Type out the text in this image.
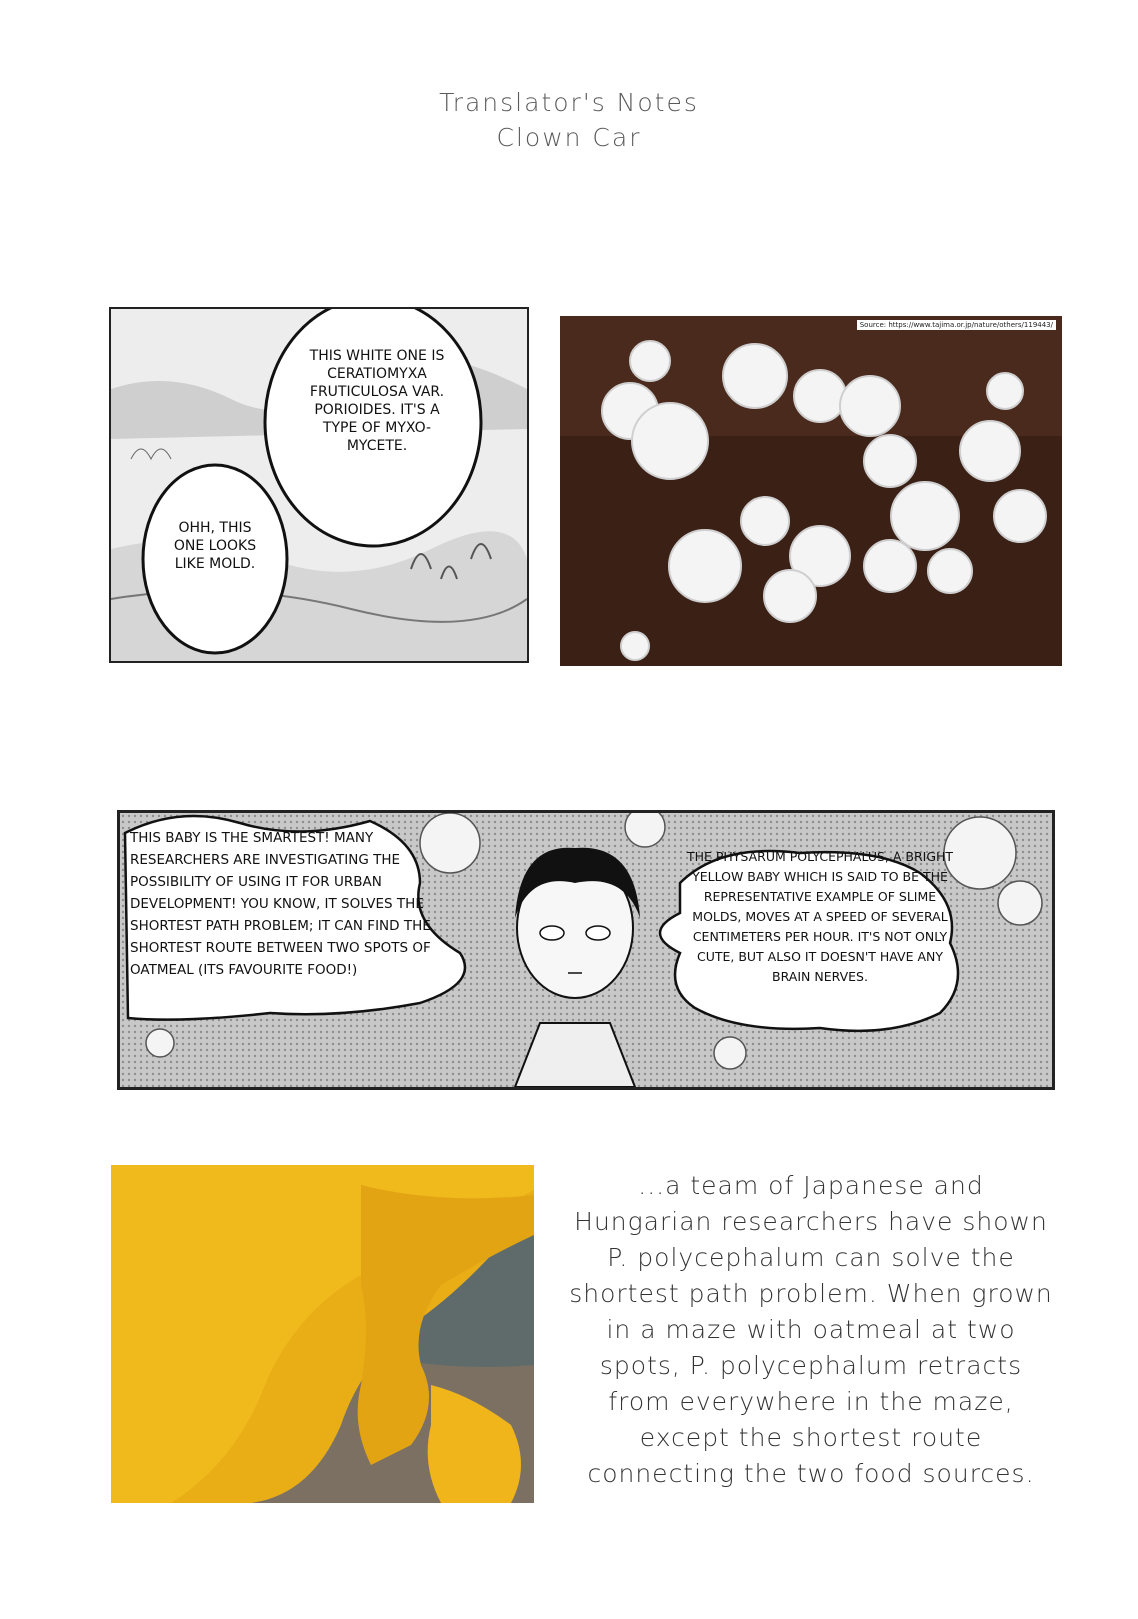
Translator's Notes
Clown Car
THIS WHITE ONE IS CERATIOMYXA FRUTICULOSA VAR. PORIOIDES. IT'S A TYPE OF MYXO-MYCETE.
OHH, THIS ONE LOOKS LIKE MOLD.
Source: https://www.tajima.or.jp/nature/others/119443/
THIS BABY IS THE SMARTEST! MANY RESEARCHERS ARE INVESTIGATING THE POSSIBILITY OF USING IT FOR URBAN DEVELOPMENT! YOU KNOW, IT SOLVES THE SHORTEST PATH PROBLEM; IT CAN FIND THE SHORTEST ROUTE BETWEEN TWO SPOTS OF OATMEAL (ITS FAVOURITE FOOD!)
THE PHYSARUM POLYCEPHALUS, A BRIGHT YELLOW BABY WHICH IS SAID TO BE THE REPRESENTATIVE EXAMPLE OF SLIME MOLDS, MOVES AT A SPEED OF SEVERAL CENTIMETERS PER HOUR. IT'S NOT ONLY CUTE, BUT ALSO IT DOESN'T HAVE ANY BRAIN NERVES.
...a team of Japanese and Hungarian researchers have shown P. polycephalum can solve the shortest path problem. When grown in a maze with oatmeal at two spots, P. polycephalum retracts from everywhere in the maze, except the shortest route connecting the two food sources.
